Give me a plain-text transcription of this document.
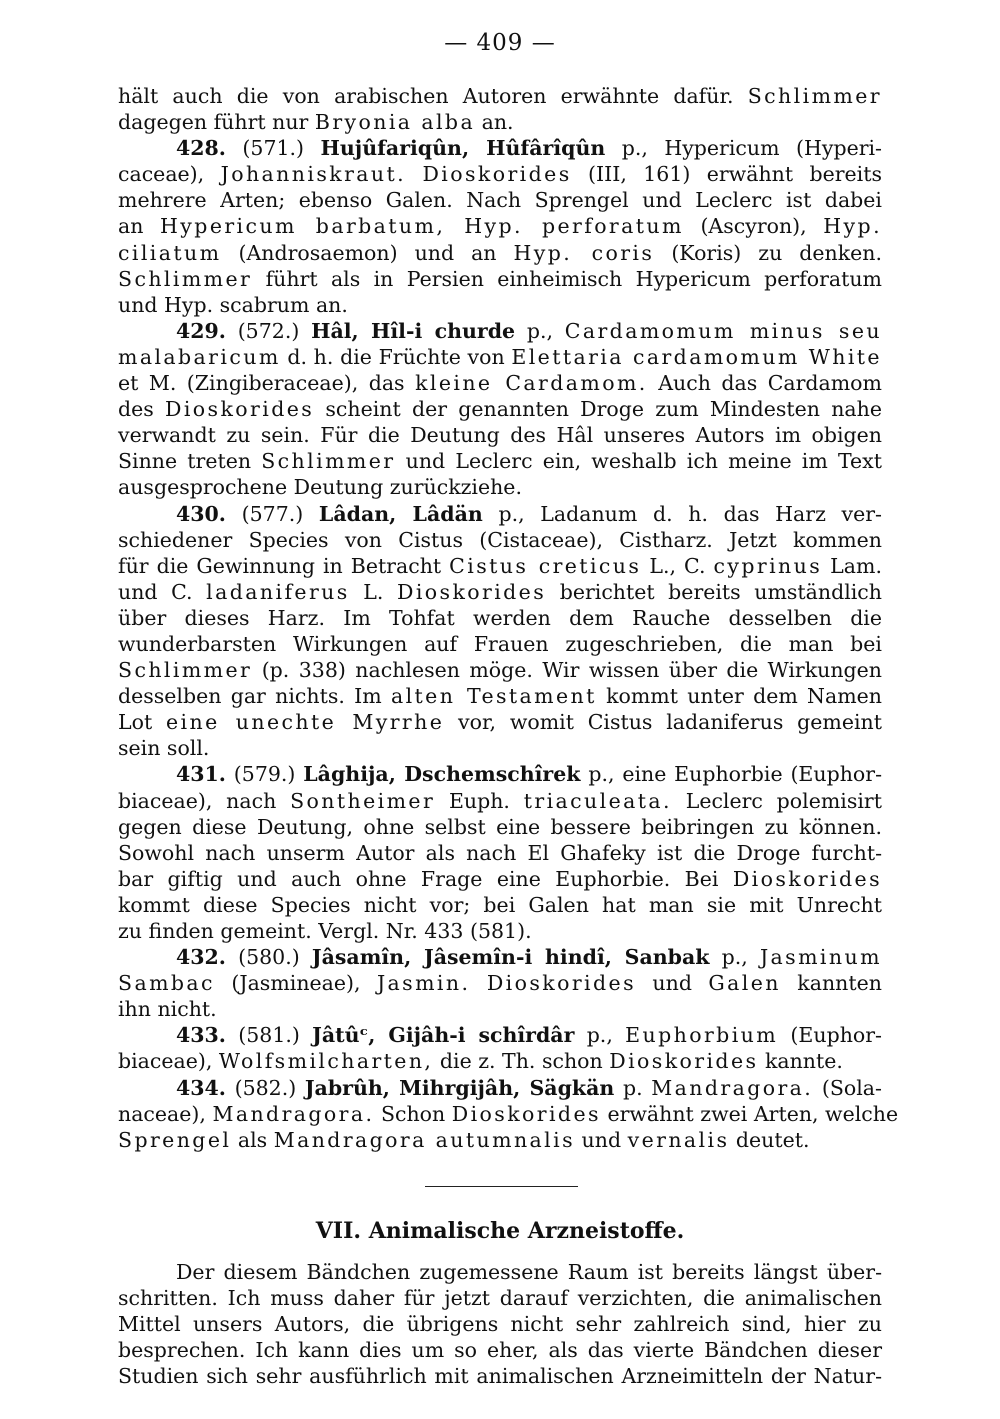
— 409 —
hält auch die von arabischen Autoren erwähnte dafür. Schlimmer
dagegen führt nur Bryonia alba an.
428. (571.) Hujûfariqûn, Hûfârîqûn p., Hypericum (Hyperi-
caceae), Johanniskraut. Dioskorides (III, 161) erwähnt bereits
mehrere Arten; ebenso Galen. Nach Sprengel und Leclerc ist dabei
an Hypericum barbatum, Hyp. perforatum (Ascyron), Hyp.
ciliatum (Androsaemon) und an Hyp. coris (Koris) zu denken.
Schlimmer führt als in Persien einheimisch Hypericum perforatum
und Hyp. scabrum an.
429. (572.) Hâl, Hîl-i churde p., Cardamomum minus seu
malabaricum d. h. die Früchte von Elettaria cardamomum White
et M. (Zingiberaceae), das kleine Cardamom. Auch das Cardamom
des Dioskorides scheint der genannten Droge zum Mindesten nahe
verwandt zu sein. Für die Deutung des Hâl unseres Autors im obigen
Sinne treten Schlimmer und Leclerc ein, weshalb ich meine im Text
ausgesprochene Deutung zurückziehe.
430. (577.) Lâdan, Lâdän p., Ladanum d. h. das Harz ver-
schiedener Species von Cistus (Cistaceae), Cistharz. Jetzt kommen
für die Gewinnung in Betracht Cistus creticus L., C. cyprinus Lam.
und C. ladaniferus L. Dioskorides berichtet bereits umständlich
über dieses Harz. Im Tohfat werden dem Rauche desselben die
wunderbarsten Wirkungen auf Frauen zugeschrieben, die man bei
Schlimmer (p. 338) nachlesen möge. Wir wissen über die Wirkungen
desselben gar nichts. Im alten Testament kommt unter dem Namen
Lot eine unechte Myrrhe vor, womit Cistus ladaniferus gemeint
sein soll.
431. (579.) Lâghija, Dschemschîrek p., eine Euphorbie (Euphor-
biaceae), nach Sontheimer Euph. triaculeata. Leclerc polemisirt
gegen diese Deutung, ohne selbst eine bessere beibringen zu können.
Sowohl nach unserm Autor als nach El Ghafeky ist die Droge furcht-
bar giftig und auch ohne Frage eine Euphorbie. Bei Dioskorides
kommt diese Species nicht vor; bei Galen hat man sie mit Unrecht
zu finden gemeint. Vergl. Nr. 433 (581).
432. (580.) Jâsamîn, Jâsemîn-i hindî, Sanbak p., Jasminum
Sambac (Jasmineae), Jasmin. Dioskorides und Galen kannten
ihn nicht.
433. (581.) Jâtûᶜ, Gijâh-i schîrdâr p., Euphorbium (Euphor-
biaceae), Wolfsmilcharten, die z. Th. schon Dioskorides kannte.
434. (582.) Jabrûh, Mihrgijâh, Sägkän p. Mandragora. (Sola-
naceae), Mandragora. Schon Dioskorides erwähnt zwei Arten, welche
Sprengel als Mandragora autumnalis und vernalis deutet.
VII. Animalische Arzneistoffe.
Der diesem Bändchen zugemessene Raum ist bereits längst über-
schritten. Ich muss daher für jetzt darauf verzichten, die animalischen
Mittel unsers Autors, die übrigens nicht sehr zahlreich sind, hier zu
besprechen. Ich kann dies um so eher, als das vierte Bändchen dieser
Studien sich sehr ausführlich mit animalischen Arzneimitteln der Natur-
